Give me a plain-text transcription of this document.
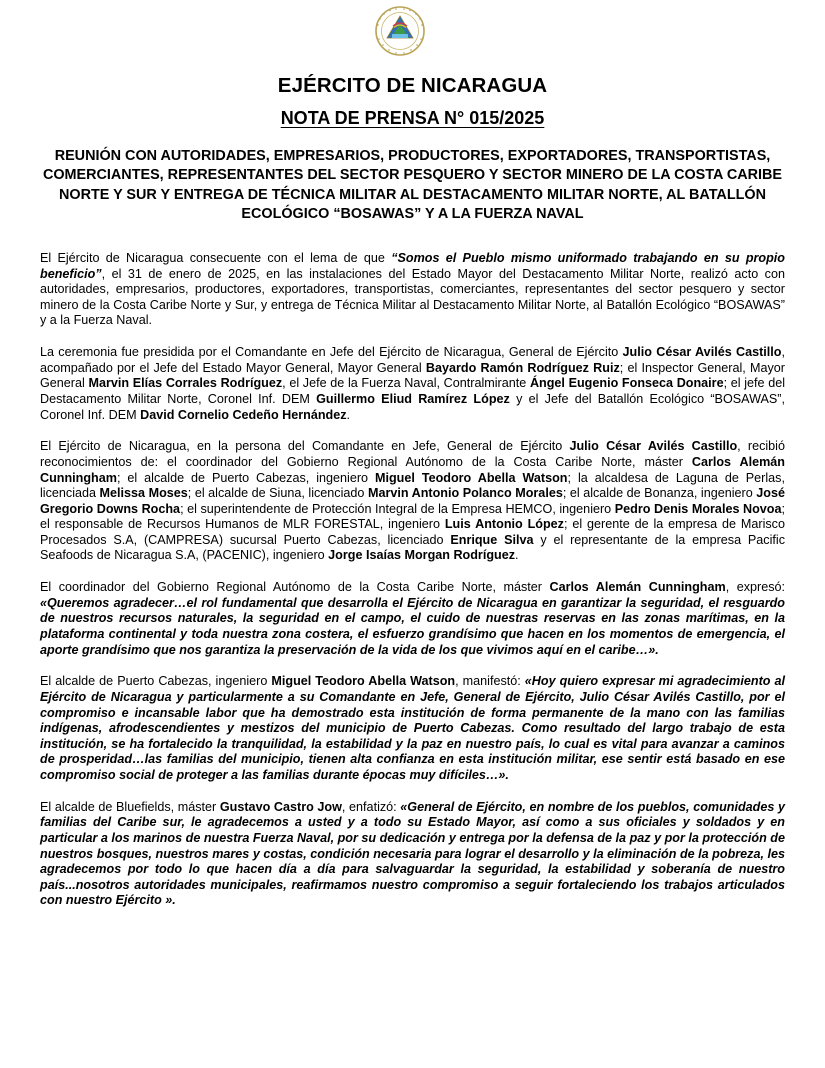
EJÉRCITO DE NICARAGUA
NOTA DE PRENSA N° 015/2025
REUNIÓN CON AUTORIDADES, EMPRESARIOS, PRODUCTORES, EXPORTADORES, TRANSPORTISTAS, COMERCIANTES, REPRESENTANTES DEL SECTOR PESQUERO Y SECTOR MINERO DE LA COSTA CARIBE NORTE Y SUR Y ENTREGA DE TÉCNICA MILITAR AL DESTACAMENTO MILITAR NORTE, AL BATALLÓN ECOLÓGICO “BOSAWAS” Y A LA FUERZA NAVAL

El Ejército de Nicaragua consecuente con el lema de que “Somos el Pueblo mismo uniformado trabajando en su propio beneficio”, el 31 de enero de 2025, en las instalaciones del Estado Mayor del Destacamento Militar Norte, realizó acto con autoridades, empresarios, productores, exportadores, transportistas, comerciantes, representantes del sector pesquero y sector minero de la Costa Caribe Norte y Sur, y entrega de Técnica Militar al Destacamento Militar Norte, al Batallón Ecológico “BOSAWAS” y a la Fuerza Naval.

La ceremonia fue presidida por el Comandante en Jefe del Ejército de Nicaragua, General de Ejército Julio César Avilés Castillo, acompañado por el Jefe del Estado Mayor General, Mayor General Bayardo Ramón Rodríguez Ruiz; el Inspector General, Mayor General Marvin Elías Corrales Rodríguez, el Jefe de la Fuerza Naval, Contralmirante Ángel Eugenio Fonseca Donaire; el jefe del Destacamento Militar Norte, Coronel Inf. DEM Guillermo Eliud Ramírez López y el Jefe del Batallón Ecológico “BOSAWAS”, Coronel Inf. DEM David Cornelio Cedeño Hernández.

El Ejército de Nicaragua, en la persona del Comandante en Jefe, General de Ejército Julio César Avilés Castillo, recibió reconocimientos de: el coordinador del Gobierno Regional Autónomo de la Costa Caribe Norte, máster Carlos Alemán Cunningham; el alcalde de Puerto Cabezas, ingeniero Miguel Teodoro Abella Watson; la alcaldesa de Laguna de Perlas, licenciada Melissa Moses; el alcalde de Siuna, licenciado Marvin Antonio Polanco Morales; el alcalde de Bonanza, ingeniero José Gregorio Downs Rocha; el superintendente de Protección Integral de la Empresa HEMCO, ingeniero Pedro Denis Morales Novoa; el responsable de Recursos Humanos de MLR FORESTAL, ingeniero Luis Antonio López; el gerente de la empresa de Marisco Procesados S.A, (CAMPRESA) sucursal Puerto Cabezas, licenciado Enrique Silva y el representante de la empresa Pacific Seafoods de Nicaragua S.A, (PACENIC), ingeniero Jorge Isaías Morgan Rodríguez.

El coordinador del Gobierno Regional Autónomo de la Costa Caribe Norte, máster Carlos Alemán Cunningham, expresó: «Queremos agradecer…el rol fundamental que desarrolla el Ejército de Nicaragua en garantizar la seguridad, el resguardo de nuestros recursos naturales, la seguridad en el campo, el cuido de nuestras reservas en las zonas marítimas, en la plataforma continental y toda nuestra zona costera, el esfuerzo grandísimo que hacen en los momentos de emergencia, el aporte grandísimo que nos garantiza la preservación de la vida de los que vivimos aquí en el caribe…».

El alcalde de Puerto Cabezas, ingeniero Miguel Teodoro Abella Watson, manifestó: «Hoy quiero expresar mi agradecimiento al Ejército de Nicaragua y particularmente a su Comandante en Jefe, General de Ejército, Julio César Avilés Castillo, por el compromiso e incansable labor que ha demostrado esta institución de forma permanente de la mano con las familias indígenas, afrodescendientes y mestizos del municipio de Puerto Cabezas. Como resultado del largo trabajo de esta institución, se ha fortalecido la tranquilidad, la estabilidad y la paz en nuestro país, lo cual es vital para avanzar a caminos de prosperidad…las familias del municipio, tienen alta confianza en esta institución militar, ese sentir está basado en ese compromiso social de proteger a las familias durante épocas muy difíciles…».

El alcalde de Bluefields, máster Gustavo Castro Jow, enfatizó: «General de Ejército, en nombre de los pueblos, comunidades y familias del Caribe sur, le agradecemos a usted y a todo su Estado Mayor, así como a sus oficiales y soldados y en particular a los marinos de nuestra Fuerza Naval, por su dedicación y entrega por la defensa de la paz y por la protección de nuestros bosques, nuestros mares y costas, condición necesaria para lograr el desarrollo y la eliminación de la pobreza, les agradecemos por todo lo que hacen día a día para salvaguardar la seguridad, la estabilidad y soberanía de nuestro país...nosotros autoridades municipales, reafirmamos nuestro compromiso a seguir fortaleciendo los trabajos articulados con nuestro Ejército ».
